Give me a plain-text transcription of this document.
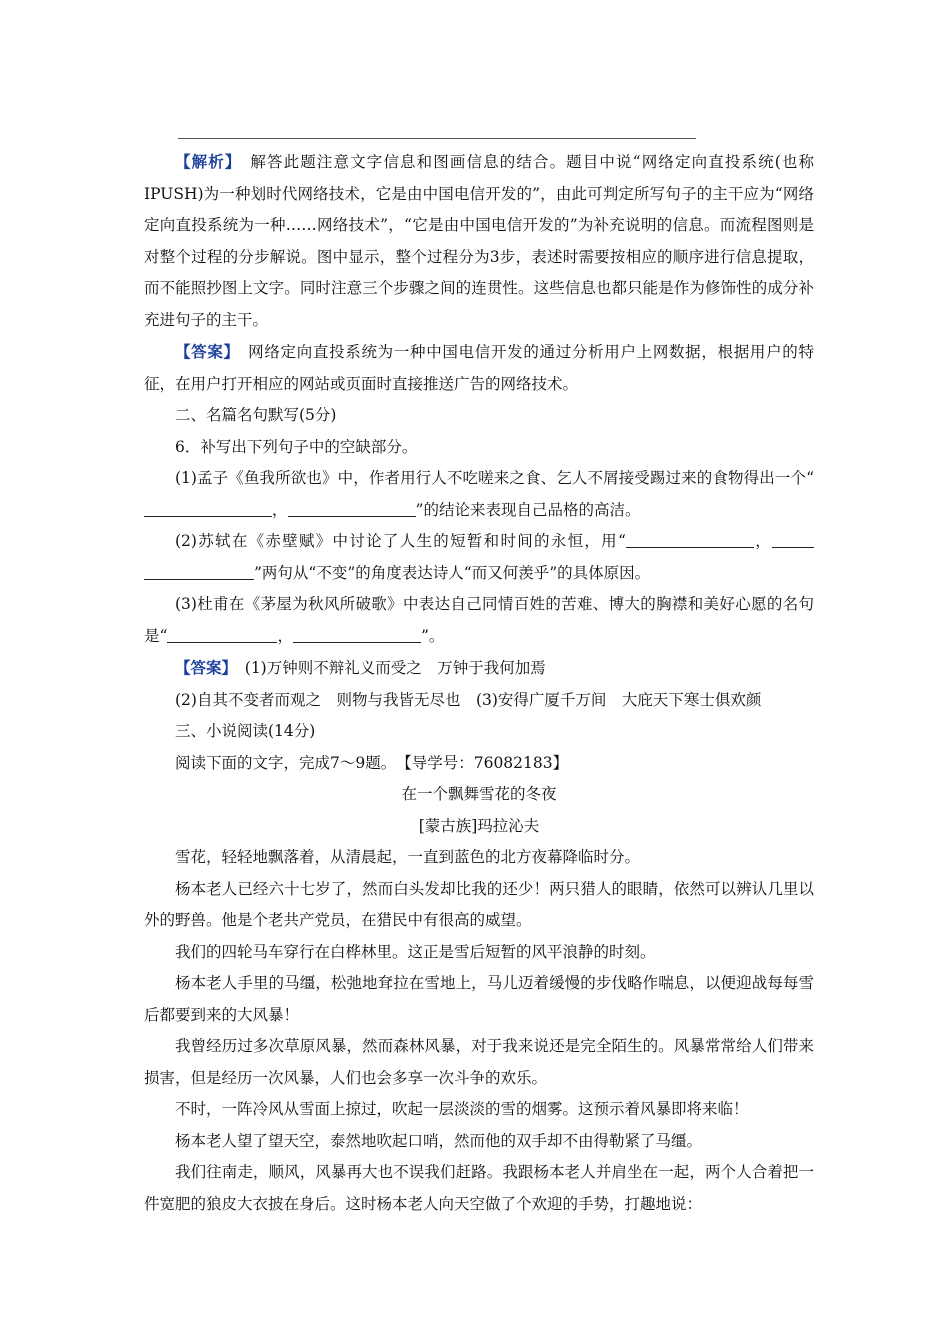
【解析】　解答此题注意文字信息和图画信息的结合。题目中说“网络定向直投系统(也称IPUSH)为一种划时代网络技术，它是由中国电信开发的”，由此可判定所写句子的主干应为“网络定向直投系统为一种……网络技术”，“它是由中国电信开发的”为补充说明的信息。而流程图则是对整个过程的分步解说。图中显示，整个过程分为3步，表述时需要按相应的顺序进行信息提取，而不能照抄图上文字。同时注意三个步骤之间的连贯性。这些信息也都只能是作为修饰性的成分补充进句子的主干。

【答案】　网络定向直投系统为一种中国电信开发的通过分析用户上网数据，根据用户的特征，在用户打开相应的网站或页面时直接推送广告的网络技术。

二、名篇名句默写(5分)

6．补写出下列句子中的空缺部分。

(1)孟子《鱼我所欲也》中，作者用行人不吃嗟来之食、乞人不屑接受踢过来的食物得出一个“，	”的结论来表现自己品格的高洁。

(2)苏轼在《赤壁赋》中讨论了人生的短暂和时间的永恒，用“	，”两句从“不变”的角度表达诗人“而又何羡乎”的具体原因。

(3)杜甫在《茅屋为秋风所破歌》中表达自己同情百姓的苦难、博大的胸襟和美好心愿的名句是“	，	”。

【答案】　(1)万钟则不辩礼义而受之　万钟于我何加焉

(2)自其不变者而观之　则物与我皆无尽也　(3)安得广厦千万间　大庇天下寒士俱欢颜

三、小说阅读(14分)

阅读下面的文字，完成7～9题。　【导学号：76082183】

在一个飘舞雪花的冬夜

[蒙古族]玛拉沁夫

雪花，轻轻地飘落着，从清晨起，一直到蓝色的北方夜幕降临时分。

杨本老人已经六十七岁了，然而白头发却比我的还少！两只猎人的眼睛，依然可以辨认几里以外的野兽。他是个老共产党员，在猎民中有很高的威望。

我们的四轮马车穿行在白桦林里。这正是雪后短暂的风平浪静的时刻。

杨本老人手里的马缰，松弛地耷拉在雪地上，马儿迈着缓慢的步伐略作喘息，以便迎战每每雪后都要到来的大风暴！

我曾经历过多次草原风暴，然而森林风暴，对于我来说还是完全陌生的。风暴常常给人们带来损害，但是经历一次风暴，人们也会多享一次斗争的欢乐。

不时，一阵冷风从雪面上掠过，吹起一层淡淡的雪的烟雾。这预示着风暴即将来临！

杨本老人望了望天空，泰然地吹起口哨，然而他的双手却不由得勒紧了马缰。

我们往南走，顺风，风暴再大也不误我们赶路。我跟杨本老人并肩坐在一起，两个人合着把一件宽肥的狼皮大衣披在身后。这时杨本老人向天空做了个欢迎的手势，打趣地说：
